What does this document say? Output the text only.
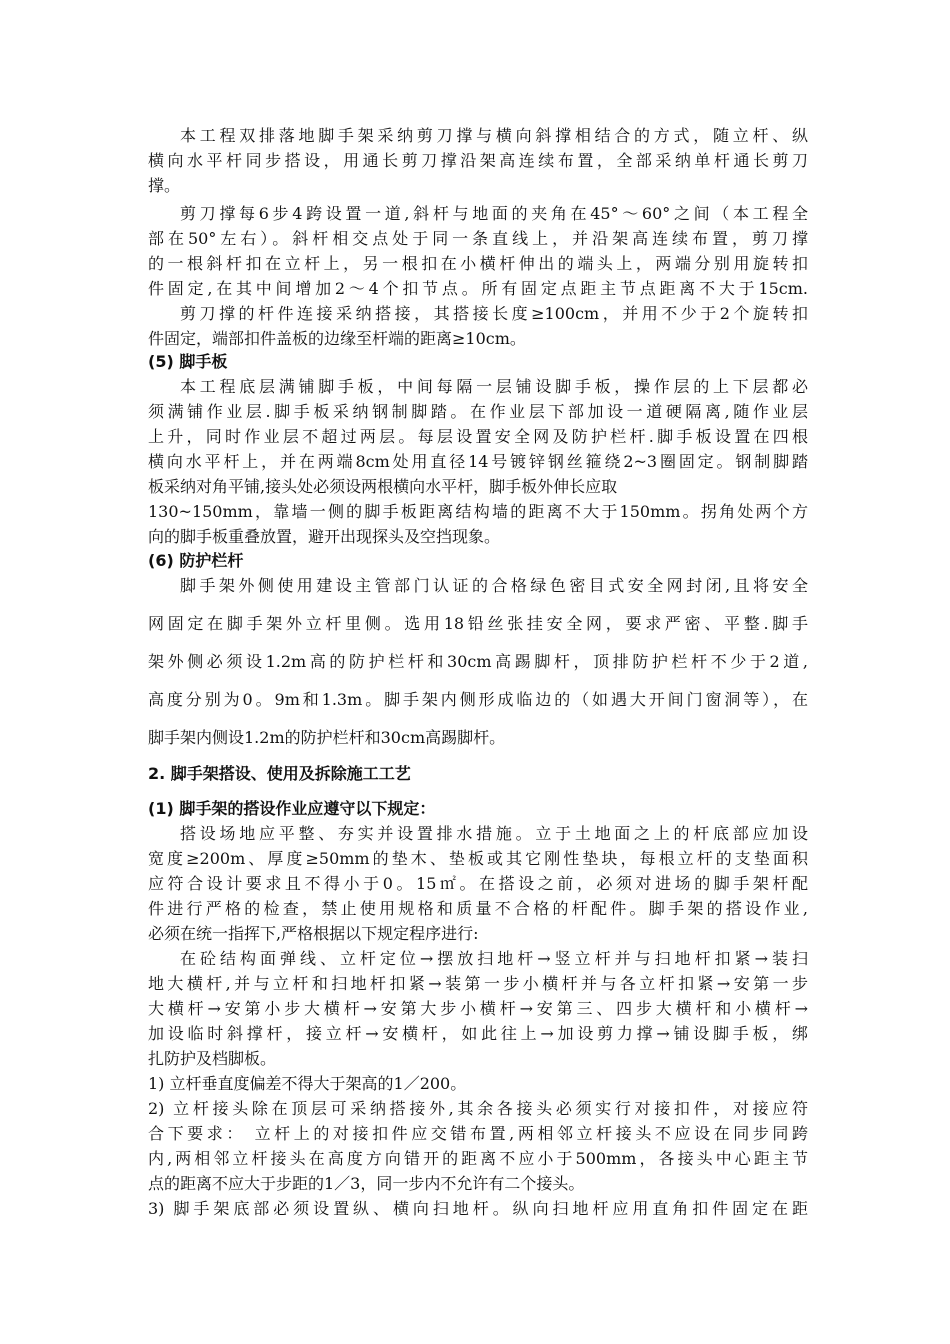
本工程双排落地脚手架采纳剪刀撑与横向斜撑相结合的方式，随立杆、纵

横向水平杆同步搭设，用通长剪刀撑沿架高连续布置，全部采纳单杆通长剪刀

撑。

剪刀撑每6步4跨设置一道,斜杆与地面的夹角在45°～60°之间（本工程全

部在50°左右）。斜杆相交点处于同一条直线上，并沿架高连续布置，剪刀撑

的一根斜杆扣在立杆上，另一根扣在小横杆伸出的端头上，两端分别用旋转扣

件固定,在其中间增加2～4个扣节点。所有固定点距主节点距离不大于15cm.

剪刀撑的杆件连接采纳搭接，其搭接长度≥100cm，并用不少于2个旋转扣

件固定，端部扣件盖板的边缘至杆端的距离≥10cm。

(5) 脚手板

本工程底层满铺脚手板，中间每隔一层铺设脚手板，操作层的上下层都必

须满铺作业层.脚手板采纳钢制脚踏。在作业层下部加设一道硬隔离,随作业层

上升，同时作业层不超过两层。每层设置安全网及防护栏杆.脚手板设置在四根

横向水平杆上，并在两端8cm处用直径14号镀锌钢丝箍绕2~3圈固定。钢制脚踏

板采纳对角平铺,接头处必须设两根横向水平杆，脚手板外伸长应取

130~150mm，靠墙一侧的脚手板距离结构墙的距离不大于150mm。拐角处两个方

向的脚手板重叠放置，避开出现探头及空挡现象。

(6) 防护栏杆

脚手架外侧使用建设主管部门认证的合格绿色密目式安全网封闭,且将安全

网固定在脚手架外立杆里侧。选用18铅丝张挂安全网，要求严密、平整.脚手

架外侧必须设1.2m高的防护栏杆和30cm高踢脚杆，顶排防护栏杆不少于2道,

高度分别为0。9m和1.3m。脚手架内侧形成临边的（如遇大开间门窗洞等），在

脚手架内侧设1.2m的防护栏杆和30cm高踢脚杆。

2. 脚手架搭设、使用及拆除施工工艺

(1) 脚手架的搭设作业应遵守以下规定：

搭设场地应平整、夯实并设置排水措施。立于土地面之上的杆底部应加设

宽度≥200m、厚度≥50mm的垫木、垫板或其它刚性垫块，每根立杆的支垫面积

应符合设计要求且不得小于0。15㎡。在搭设之前，必须对进场的脚手架杆配

件进行严格的检查，禁止使用规格和质量不合格的杆配件。脚手架的搭设作业,

必须在统一指挥下,严格根据以下规定程序进行:

在砼结构面弹线、立杆定位→摆放扫地杆→竖立杆并与扫地杆扣紧→装扫

地大横杆,并与立杆和扫地杆扣紧→装第一步小横杆并与各立杆扣紧→安第一步

大横杆→安第小步大横杆→安第大步小横杆→安第三、四步大横杆和小横杆→

加设临时斜撑杆，接立杆→安横杆，如此往上→加设剪力撑→铺设脚手板，绑

扎防护及档脚板。

1) 立杆垂直度偏差不得大于架高的1／200。

2) 立杆接头除在顶层可采纳搭接外,其余各接头必须实行对接扣件，对接应符

合下要求： 立杆上的对接扣件应交错布置,两相邻立杆接头不应设在同步同跨

内,两相邻立杆接头在高度方向错开的距离不应小于500mm，各接头中心距主节

点的距离不应大于步距的1／3，同一步内不允许有二个接头。

3) 脚手架底部必须设置纵、横向扫地杆。纵向扫地杆应用直角扣件固定在距
